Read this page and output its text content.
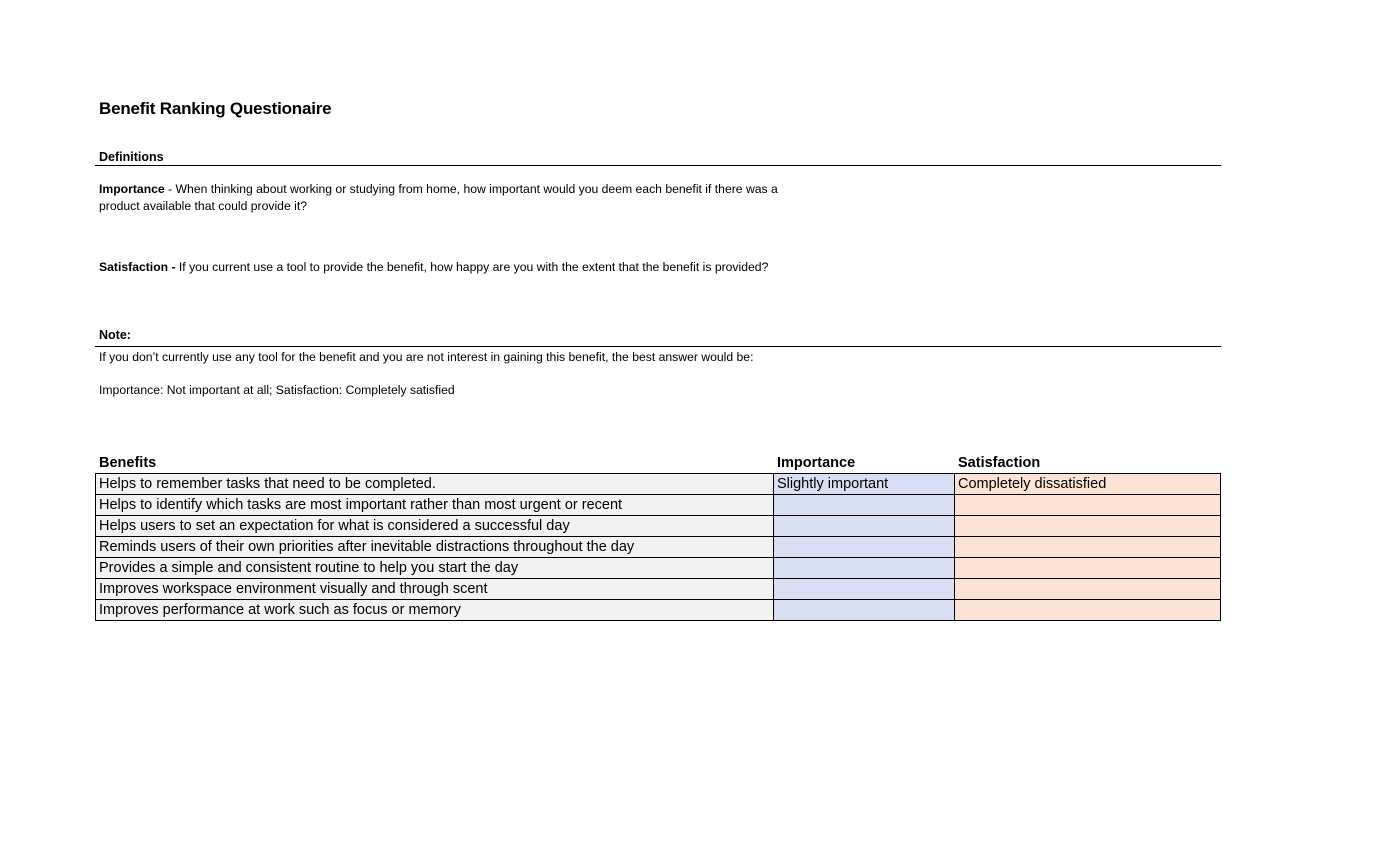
Benefit Ranking Questionaire
Definitions
Importance - When thinking about working or studying from home, how important would you deem each benefit if there was a product available that could provide it?
Satisfaction - If you current use a tool to provide the benefit, how happy are you with the extent that the benefit is provided?
Note:
If you don’t currently use any tool for the benefit and you are not interest in gaining this benefit, the best answer would be:
Importance: Not important at all; Satisfaction: Completely satisfied
Benefits	Importance	Satisfaction
Helps to remember tasks that need to be completed.	Slightly important	Completely dissatisfied
Helps to identify which tasks are most important rather than most urgent or recent		
Helps users to set an expectation for what is considered a successful day		
Reminds users of their own priorities after inevitable distractions throughout the day		
Provides a simple and consistent routine to help you start the day		
Improves workspace environment visually and through scent		
Improves performance at work such as focus or memory		
